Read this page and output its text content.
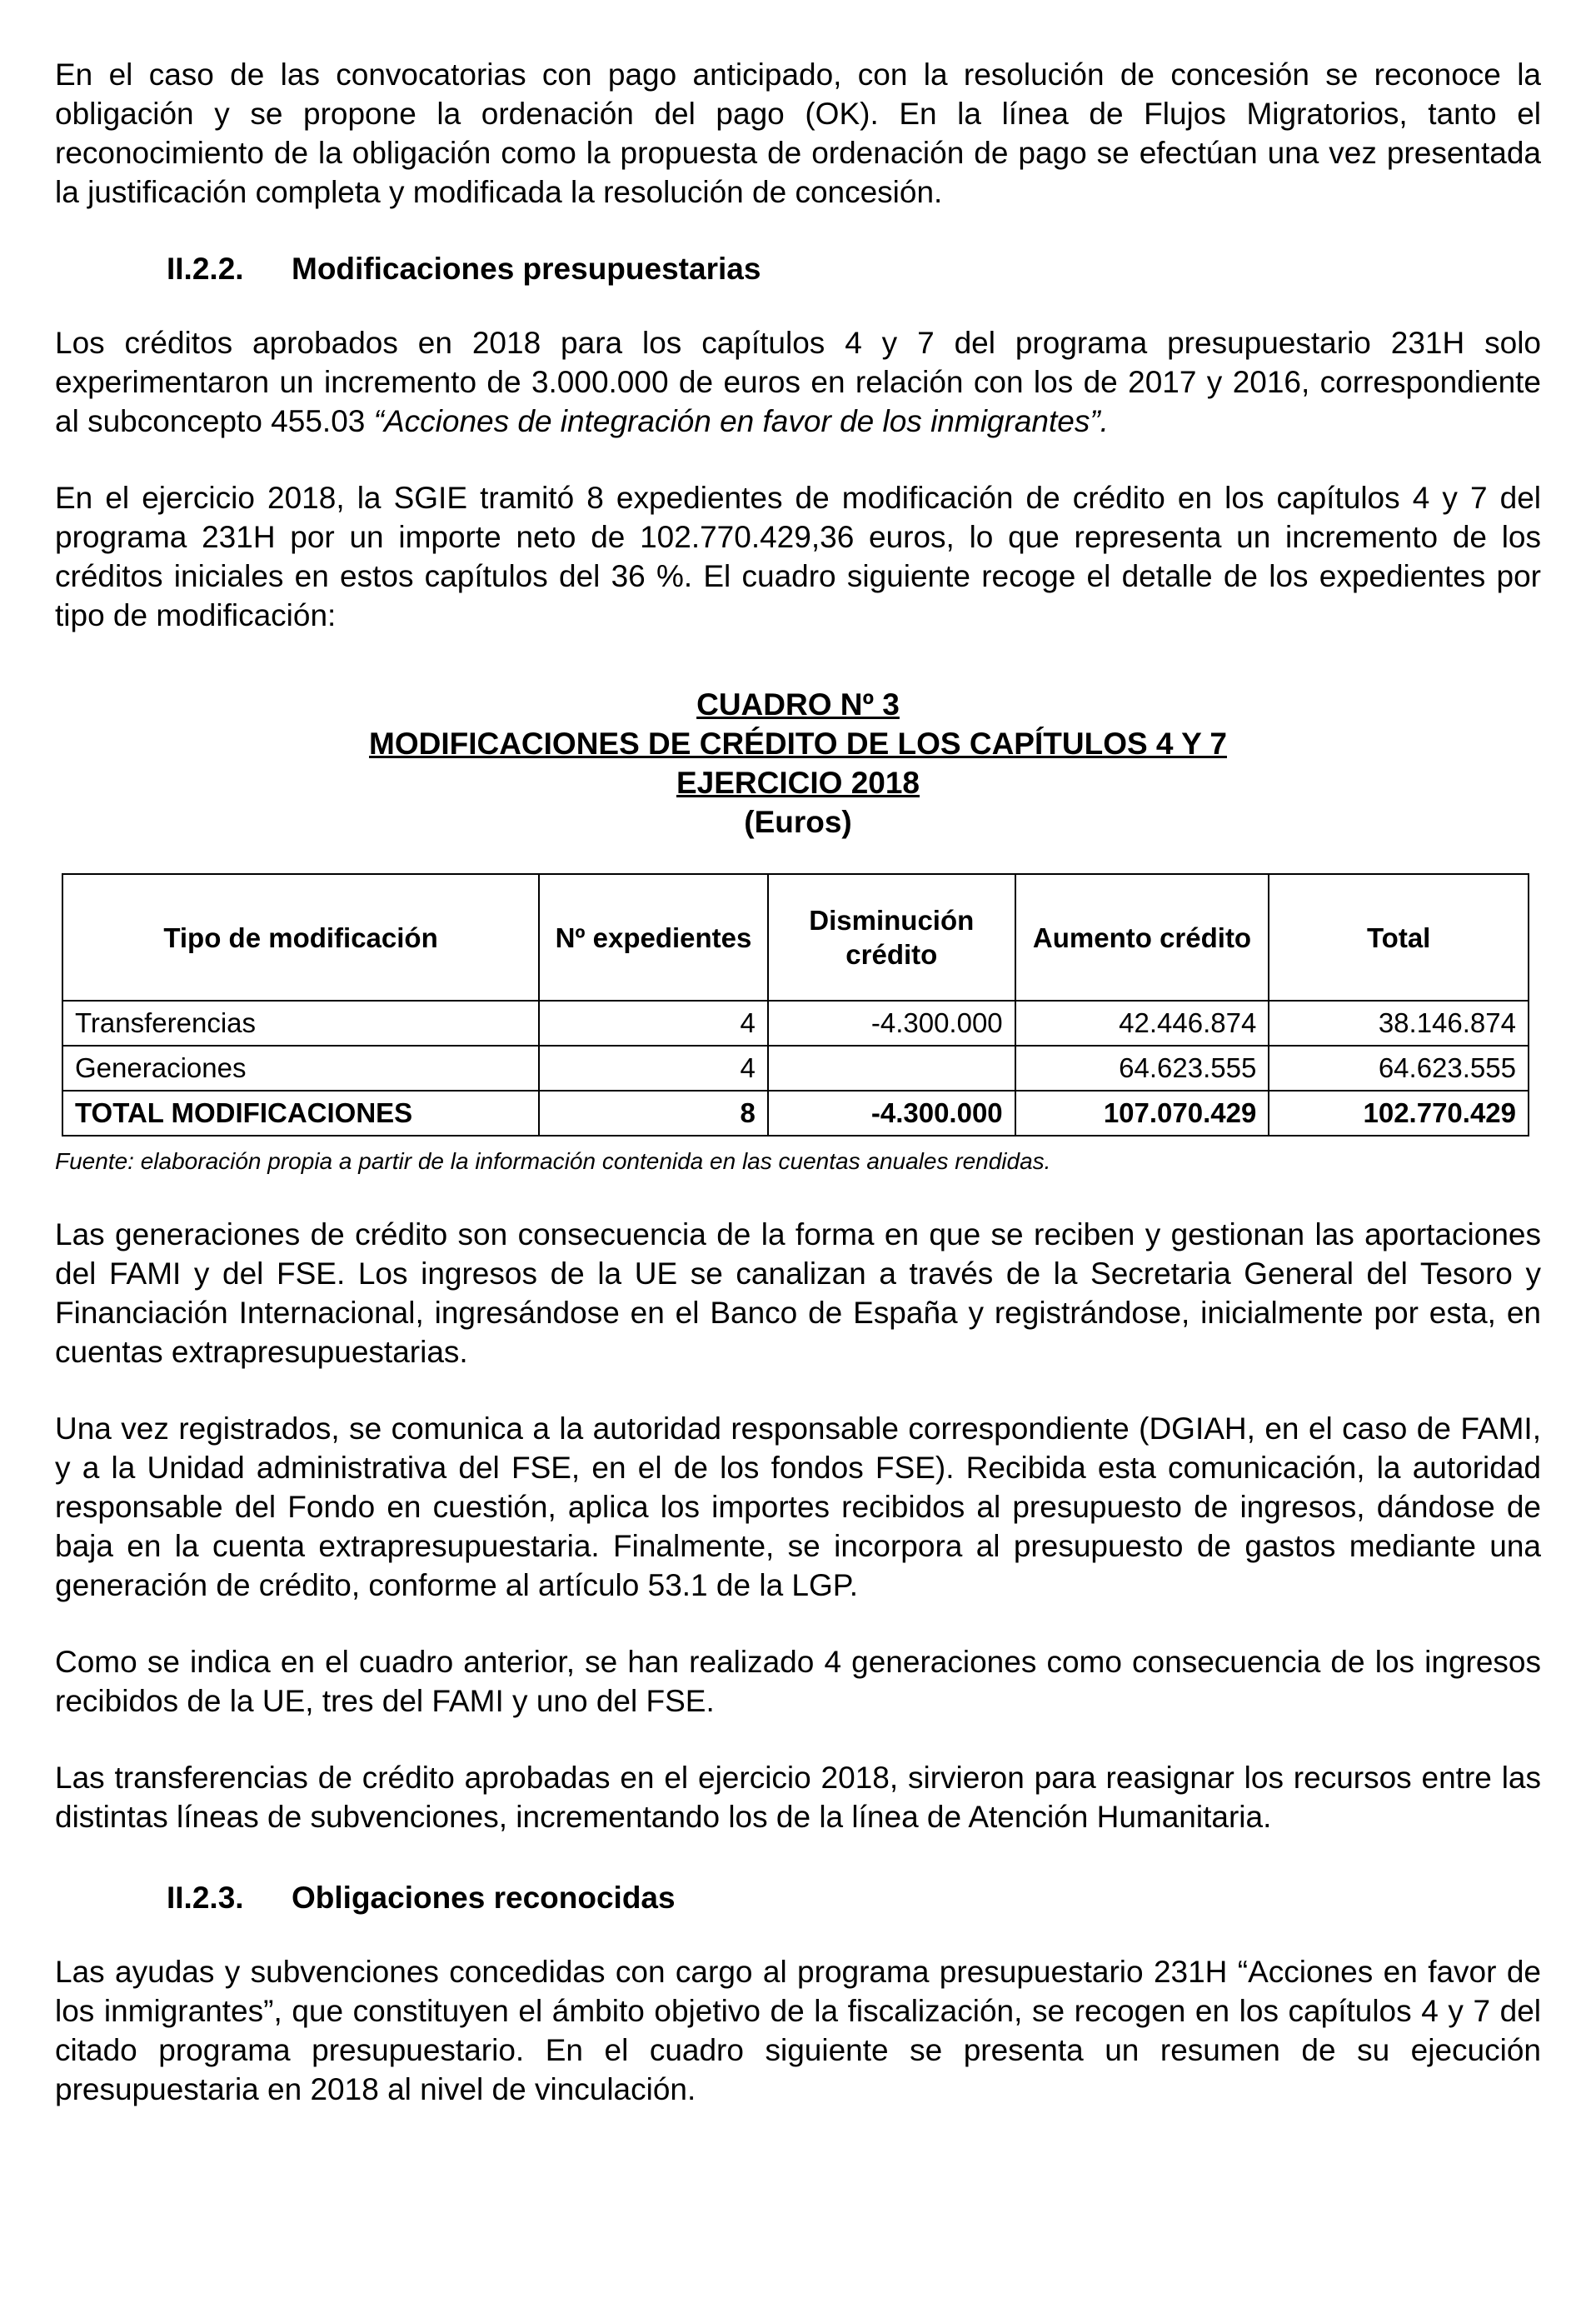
En el caso de las convocatorias con pago anticipado, con la resolución de concesión se reconoce la obligación y se propone la ordenación del pago (OK). En la línea de Flujos Migratorios, tanto el reconocimiento de la obligación como la propuesta de ordenación de pago se efectúan una vez presentada la justificación completa y modificada la resolución de concesión.

II.2.2.	Modificaciones presupuestarias

Los créditos aprobados en 2018 para los capítulos 4 y 7 del programa presupuestario 231H solo experimentaron un incremento de 3.000.000 de euros en relación con los de 2017 y 2016, correspondiente al subconcepto 455.03 “Acciones de integración en favor de los inmigrantes”.

En el ejercicio 2018, la SGIE tramitó 8 expedientes de modificación de crédito en los capítulos 4 y 7 del programa 231H por un importe neto de 102.770.429,36 euros, lo que representa un incremento de los créditos iniciales en estos capítulos del 36 %. El cuadro siguiente recoge el detalle de los expedientes por tipo de modificación:

CUADRO Nº 3
MODIFICACIONES DE CRÉDITO DE LOS CAPÍTULOS 4 Y 7
EJERCICIO 2018
(Euros)
Tipo de modificación	Nº expedientes	Disminución crédito	Aumento crédito	Total
Transferencias	4	-4.300.000	42.446.874	38.146.874
Generaciones	4		64.623.555	64.623.555
TOTAL MODIFICACIONES	8	-4.300.000	107.070.429	102.770.429

Fuente: elaboración propia a partir de la información contenida en las cuentas anuales rendidas.

Las generaciones de crédito son consecuencia de la forma en que se reciben y gestionan las aportaciones del FAMI y del FSE. Los ingresos de la UE se canalizan a través de la Secretaria General del Tesoro y Financiación Internacional, ingresándose en el Banco de España y registrándose, inicialmente por esta, en cuentas extrapresupuestarias.

Una vez registrados, se comunica a la autoridad responsable correspondiente (DGIAH, en el caso de FAMI, y a la Unidad administrativa del FSE, en el de los fondos FSE). Recibida esta comunicación, la autoridad responsable del Fondo en cuestión, aplica los importes recibidos al presupuesto de ingresos, dándose de baja en la cuenta extrapresupuestaria. Finalmente, se incorpora al presupuesto de gastos mediante una generación de crédito, conforme al artículo 53.1 de la LGP.

Como se indica en el cuadro anterior, se han realizado 4 generaciones como consecuencia de los ingresos recibidos de la UE, tres del FAMI y uno del FSE.

Las transferencias de crédito aprobadas en el ejercicio 2018, sirvieron para reasignar los recursos entre las distintas líneas de subvenciones, incrementando los de la línea de Atención Humanitaria.

II.2.3.	Obligaciones reconocidas

Las ayudas y subvenciones concedidas con cargo al programa presupuestario 231H “Acciones en favor de los inmigrantes”, que constituyen el ámbito objetivo de la fiscalización, se recogen en los capítulos 4 y 7 del citado programa presupuestario. En el cuadro siguiente se presenta un resumen de su ejecución presupuestaria en 2018 al nivel de vinculación.
